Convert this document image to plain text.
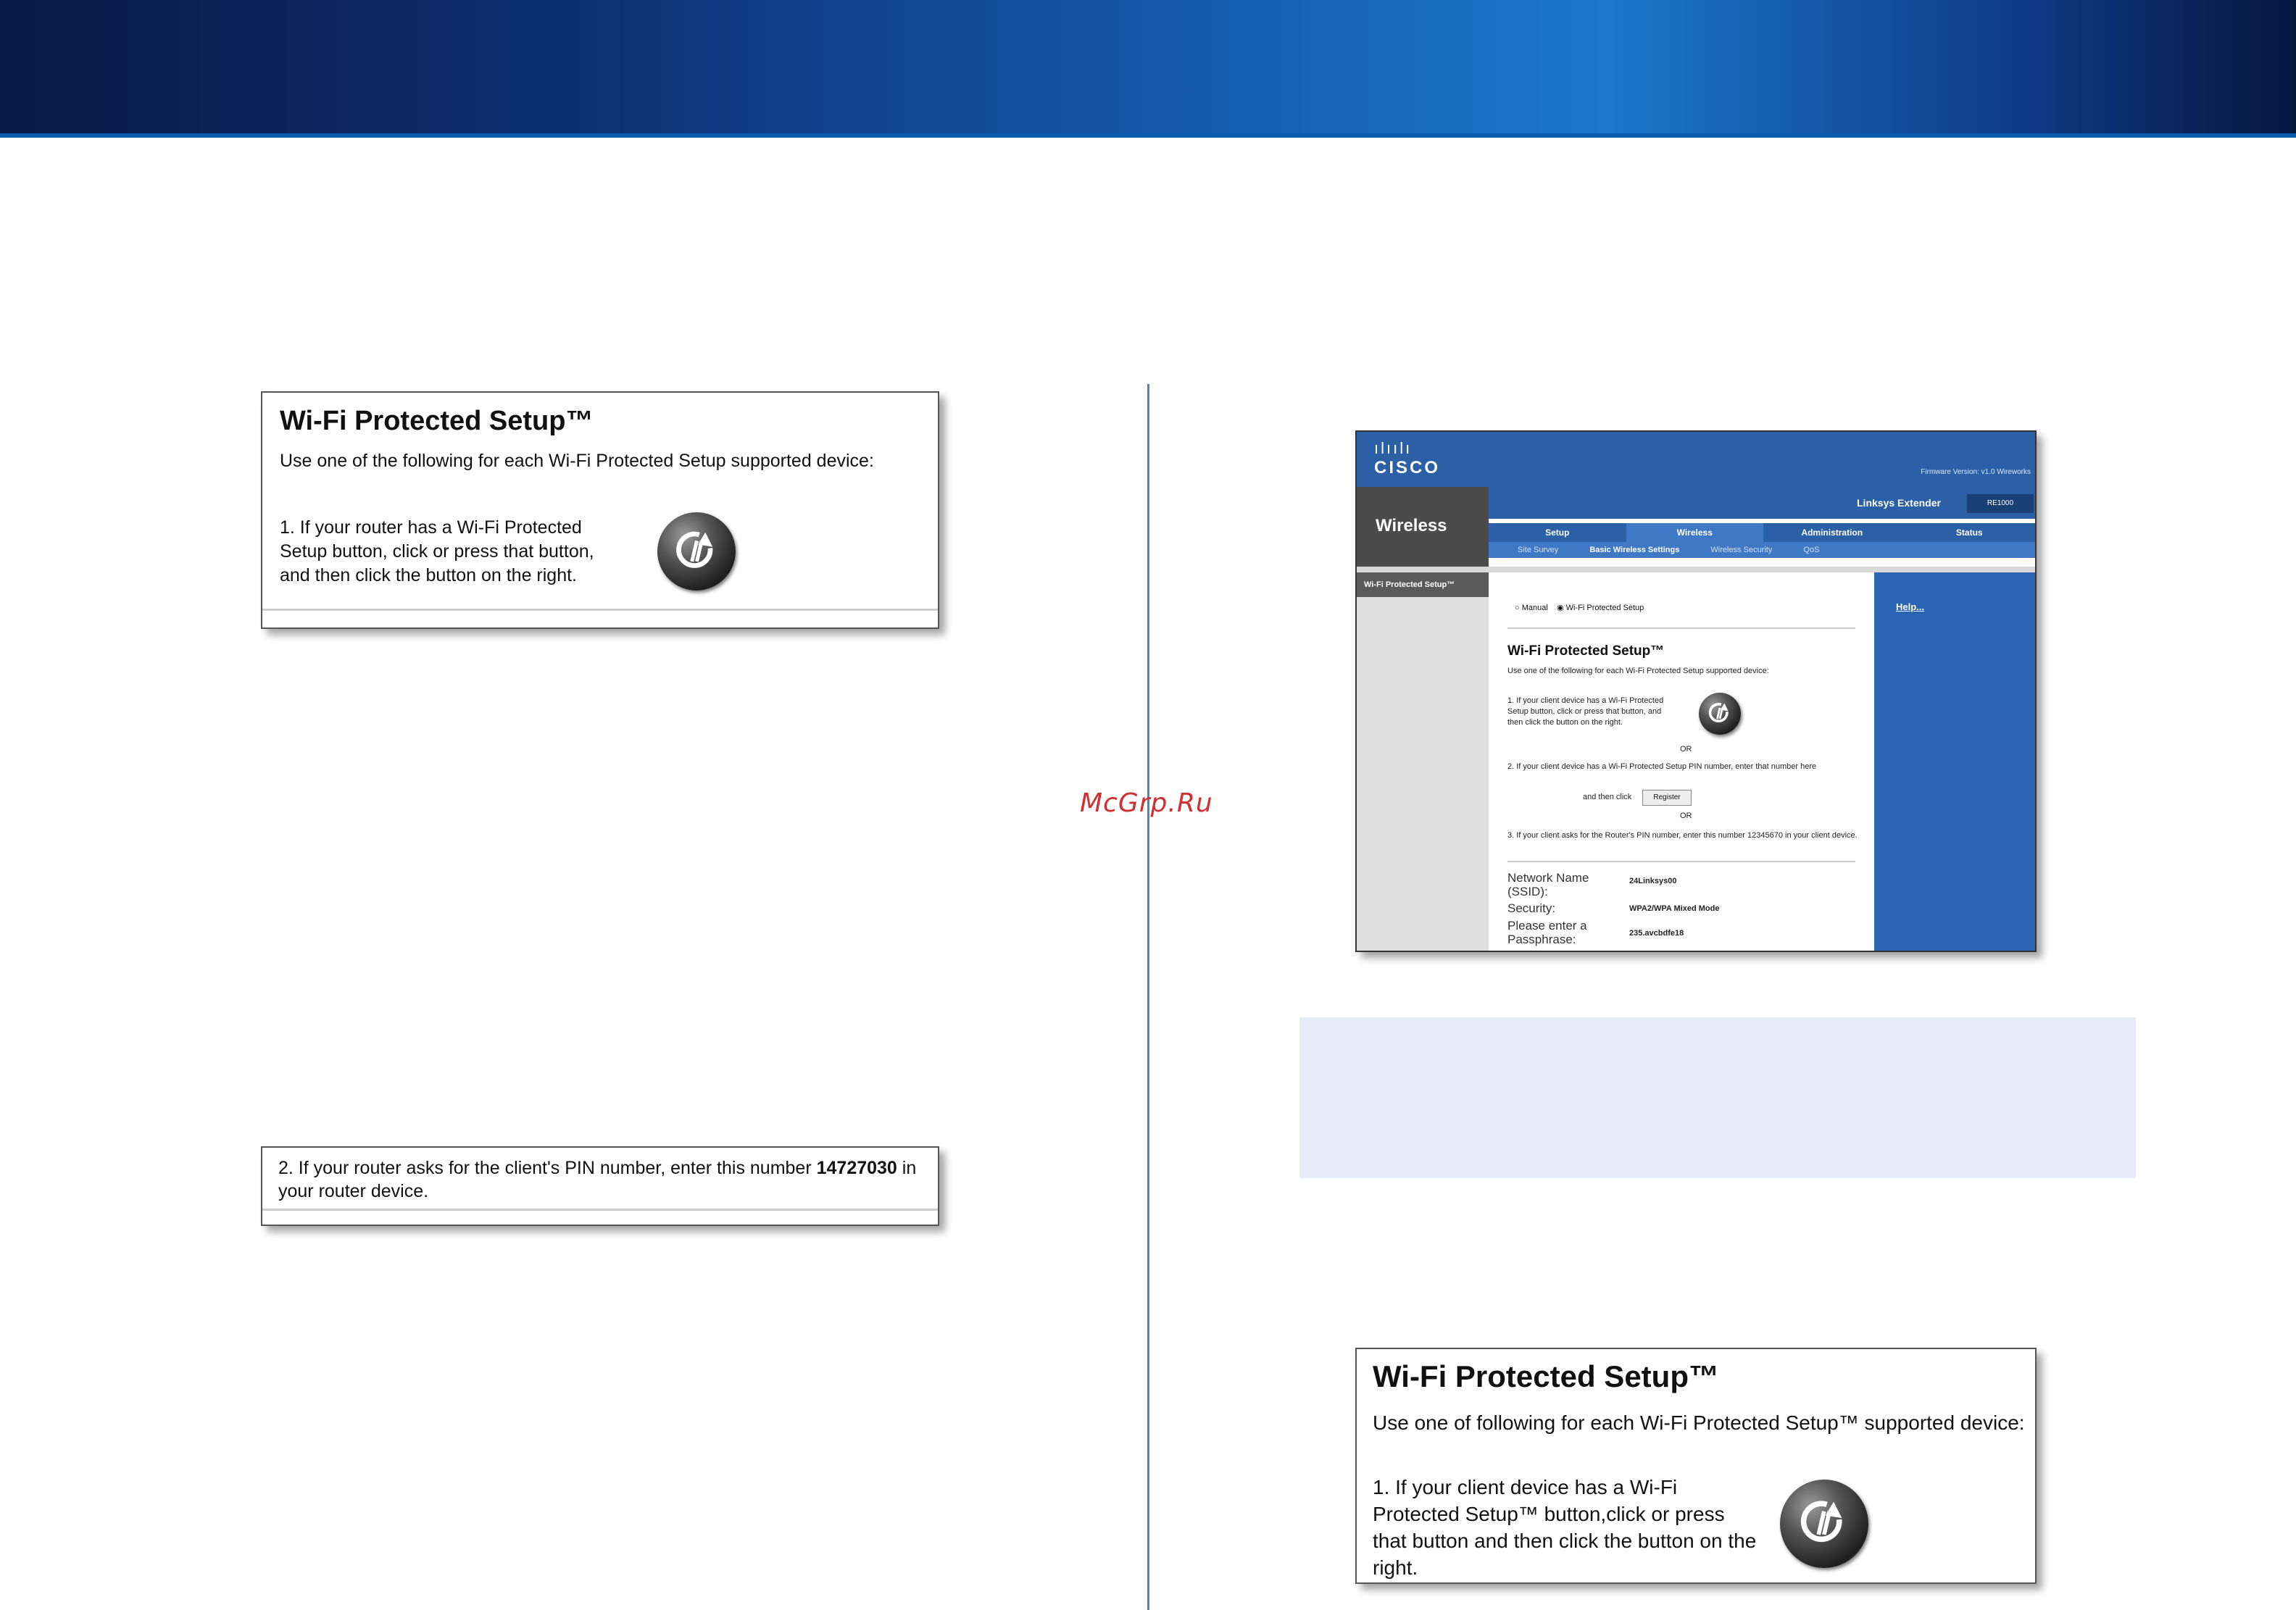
McGrp.Ru
Wi-Fi Protected Setup™

Use one of the following for each Wi-Fi Protected Setup supported device:

1. If your router has a Wi-Fi Protected Setup button, click or press that button, and then click the button on the right.

2. If your router asks for the client's PIN number, enter this number 14727030 in your router device.

ılıılı
CISCO	Firmware Version: v1.0 Wireworks
Wireless
Linksys Extender	RE1000
Setup	Wireless	Administration	Status
Site Survey	Basic Wireless Settings	Wireless Security	QoS
Wi-Fi Protected Setup™
○ Manual ◉ Wi-Fi Protected Setup
Wi-Fi Protected Setup™
Use one of the following for each Wi-Fi Protected Setup supported device:
1. If your client device has a Wi-Fi Protected Setup button, click or press that button, and then click the button on the right.
OR
2. If your client device has a Wi-Fi Protected Setup PIN number, enter that number here
and then click	Register
OR
3. If your client asks for the Router's PIN number, enter this number 12345670 in your client device.
Network Name (SSID):
24Linksys00
Security:	WPA2/WPA Mixed Mode
Please enter a Passphrase:	235.avcbdfe18
Help...
Wi-Fi Protected Setup™

Use one of following for each Wi-Fi Protected Setup™ supported device:

1. If your client device has a Wi-Fi Protected Setup™ button,click or press that button and then click the button on the right.
